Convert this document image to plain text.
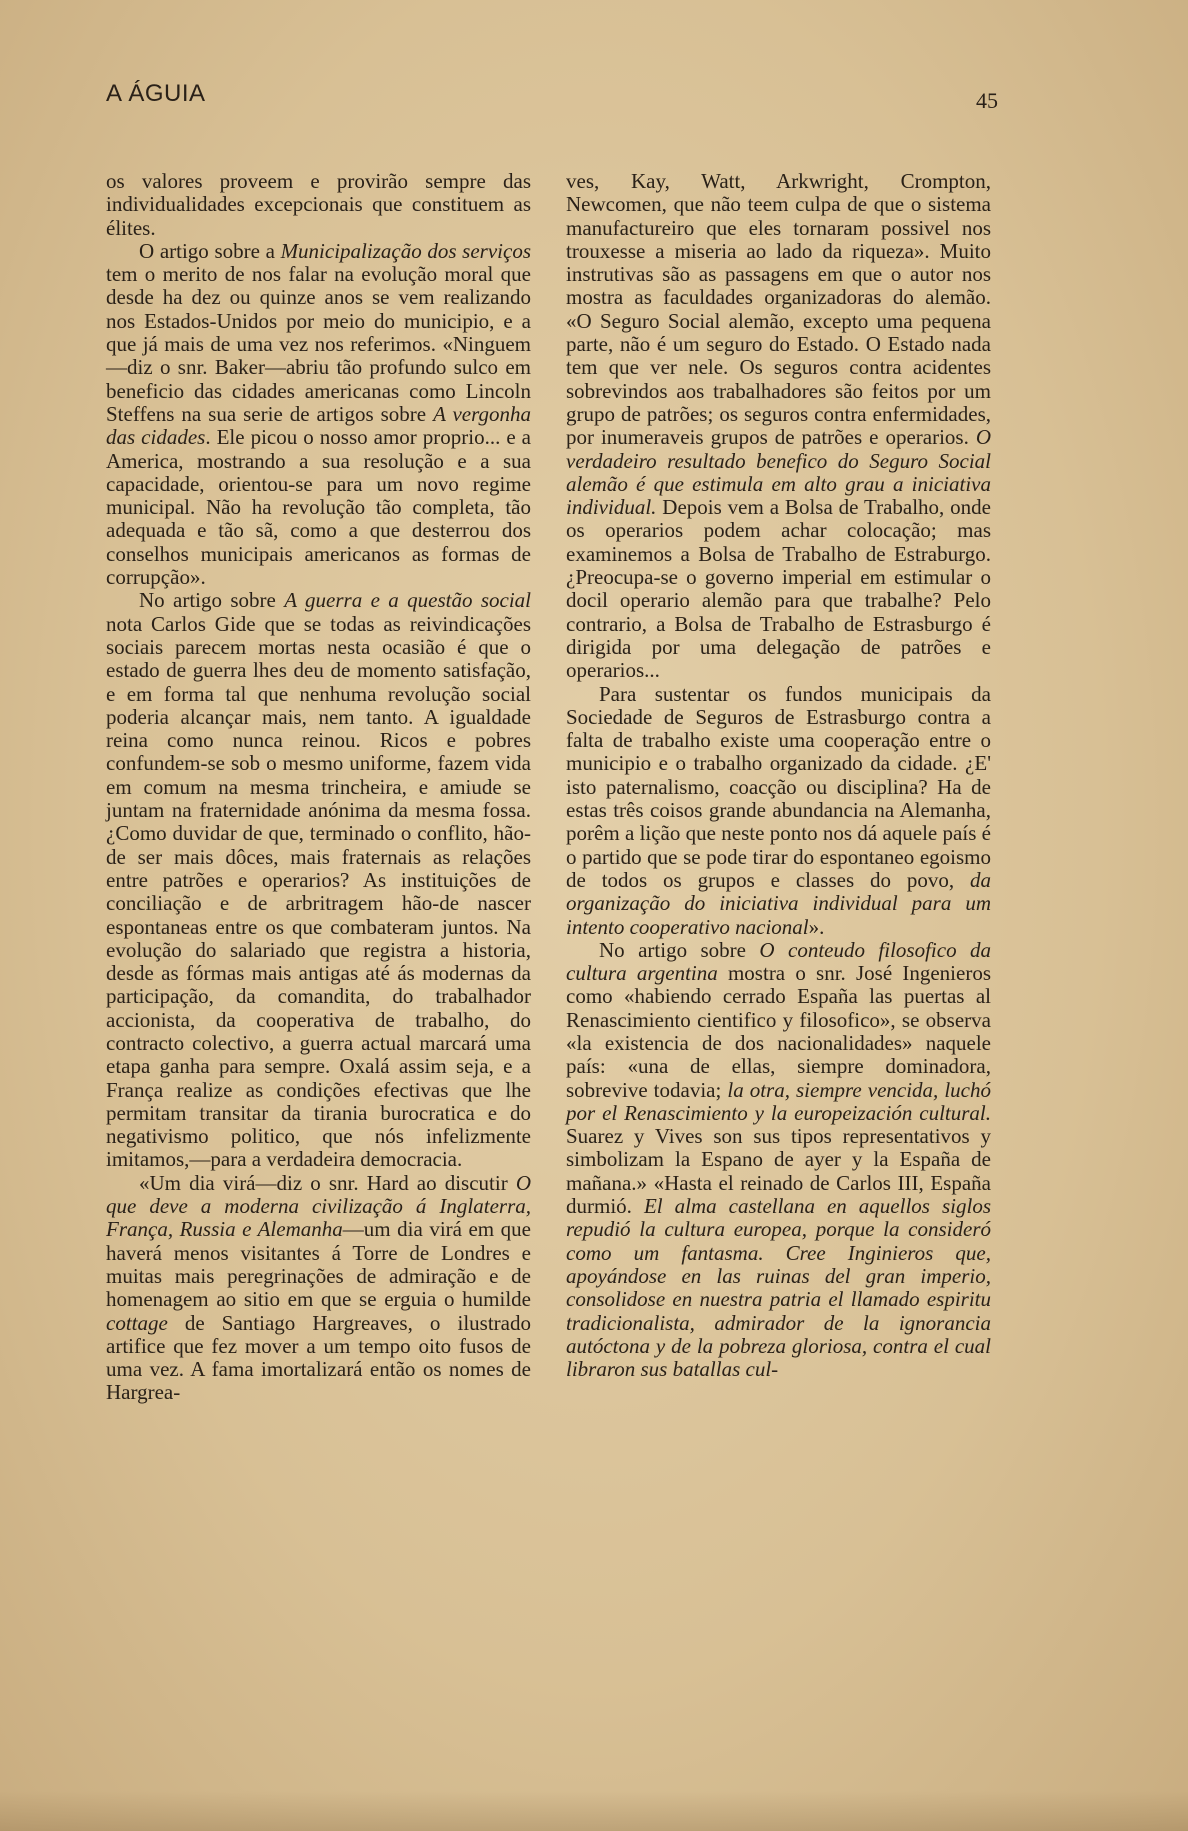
A ÁGUIA	45

os valores proveem e provirão sempre das individualidades excepcionais que constituem as élites.

O artigo sobre a Municipalização dos serviços tem o merito de nos falar na evolução moral que desde ha dez ou quinze anos se vem realizando nos Estados-Unidos por meio do municipio, e a que já mais de uma vez nos referimos. «Ninguem—diz o snr. Baker—abriu tão profundo sulco em beneficio das cidades americanas como Lincoln Steffens na sua serie de artigos sobre A vergonha das cidades. Ele picou o nosso amor proprio... e a America, mostrando a sua resolução e a sua capacidade, orientou-se para um novo regime municipal. Não ha revolução tão completa, tão adequada e tão sã, como a que desterrou dos conselhos municipais americanos as formas de corrupção».

No artigo sobre A guerra e a questão social nota Carlos Gide que se todas as reivindicações sociais parecem mortas nesta ocasião é que o estado de guerra lhes deu de momento satisfação, e em forma tal que nenhuma revolução social poderia alcançar mais, nem tanto. A igualdade reina como nunca reinou. Ricos e pobres confundem-se sob o mesmo uniforme, fazem vida em comum na mesma trincheira, e amiude se juntam na fraternidade anónima da mesma fossa. ¿Como duvidar de que, terminado o conflito, hão-de ser mais dôces, mais fraternais as relações entre patrões e operarios? As instituições de conciliação e de arbritragem hão-de nascer espontaneas entre os que combateram juntos. Na evolução do salariado que registra a historia, desde as fórmas mais antigas até ás modernas da participação, da comandita, do trabalhador accionista, da cooperativa de trabalho, do contracto colectivo, a guerra actual marcará uma etapa ganha para sempre. Oxalá assim seja, e a França realize as condições efectivas que lhe permitam transitar da tirania burocratica e do negativismo politico, que nós infelizmente imitamos,—para a verdadeira democracia.

«Um dia virá—diz o snr. Hard ao discutir O que deve a moderna civilização á Inglaterra, França, Russia e Alemanha—um dia virá em que haverá menos visitantes á Torre de Londres e muitas mais peregrinações de admiração e de homenagem ao sitio em que se erguia o humilde cottage de Santiago Hargreaves, o ilustrado artifice que fez mover a um tempo oito fusos de uma vez. A fama imortalizará então os nomes de Hargrea-

ves, Kay, Watt, Arkwright, Crompton, Newcomen, que não teem culpa de que o sistema manufactureiro que eles tornaram possivel nos trouxesse a miseria ao lado da riqueza». Muito instrutivas são as passagens em que o autor nos mostra as faculdades organizadoras do alemão. «O Seguro Social alemão, excepto uma pequena parte, não é um seguro do Estado. O Estado nada tem que ver nele. Os seguros contra acidentes sobrevindos aos trabalhadores são feitos por um grupo de patrões; os seguros contra enfermidades, por inumeraveis grupos de patrões e operarios. O verdadeiro resultado benefico do Seguro Social alemão é que estimula em alto grau a iniciativa individual. Depois vem a Bolsa de Trabalho, onde os operarios podem achar colocação; mas examinemos a Bolsa de Trabalho de Estraburgo. ¿Preocupa-se o governo imperial em estimular o docil operario alemão para que trabalhe? Pelo contrario, a Bolsa de Trabalho de Estrasburgo é dirigida por uma delegação de patrões e operarios...

Para sustentar os fundos municipais da Sociedade de Seguros de Estrasburgo contra a falta de trabalho existe uma cooperação entre o municipio e o trabalho organizado da cidade. ¿E' isto paternalismo, coacção ou disciplina? Ha de estas três coisos grande abundancia na Alemanha, porêm a lição que neste ponto nos dá aquele país é o partido que se pode tirar do espontaneo egoismo de todos os grupos e classes do povo, da organização do iniciativa individual para um intento cooperativo nacional».

No artigo sobre O conteudo filosofico da cultura argentina mostra o snr. José Ingenieros como «habiendo cerrado España las puertas al Renascimiento cientifico y filosofico», se observa «la existencia de dos nacionalidades» naquele país: «una de ellas, siempre dominadora, sobrevive todavia; la otra, siempre vencida, luchó por el Renascimiento y la europeización cultural. Suarez y Vives son sus tipos representativos y simbolizam la Espano de ayer y la España de mañana.» «Hasta el reinado de Carlos III, España durmió. El alma castellana en aquellos siglos repudió la cultura europea, porque la consideró como um fantasma. Cree Inginieros que, apoyándose en las ruinas del gran imperio, consolidose en nuestra patria el llamado espiritu tradicionalista, admirador de la ignorancia autóctona y de la pobreza gloriosa, contra el cual libraron sus batallas cul-
